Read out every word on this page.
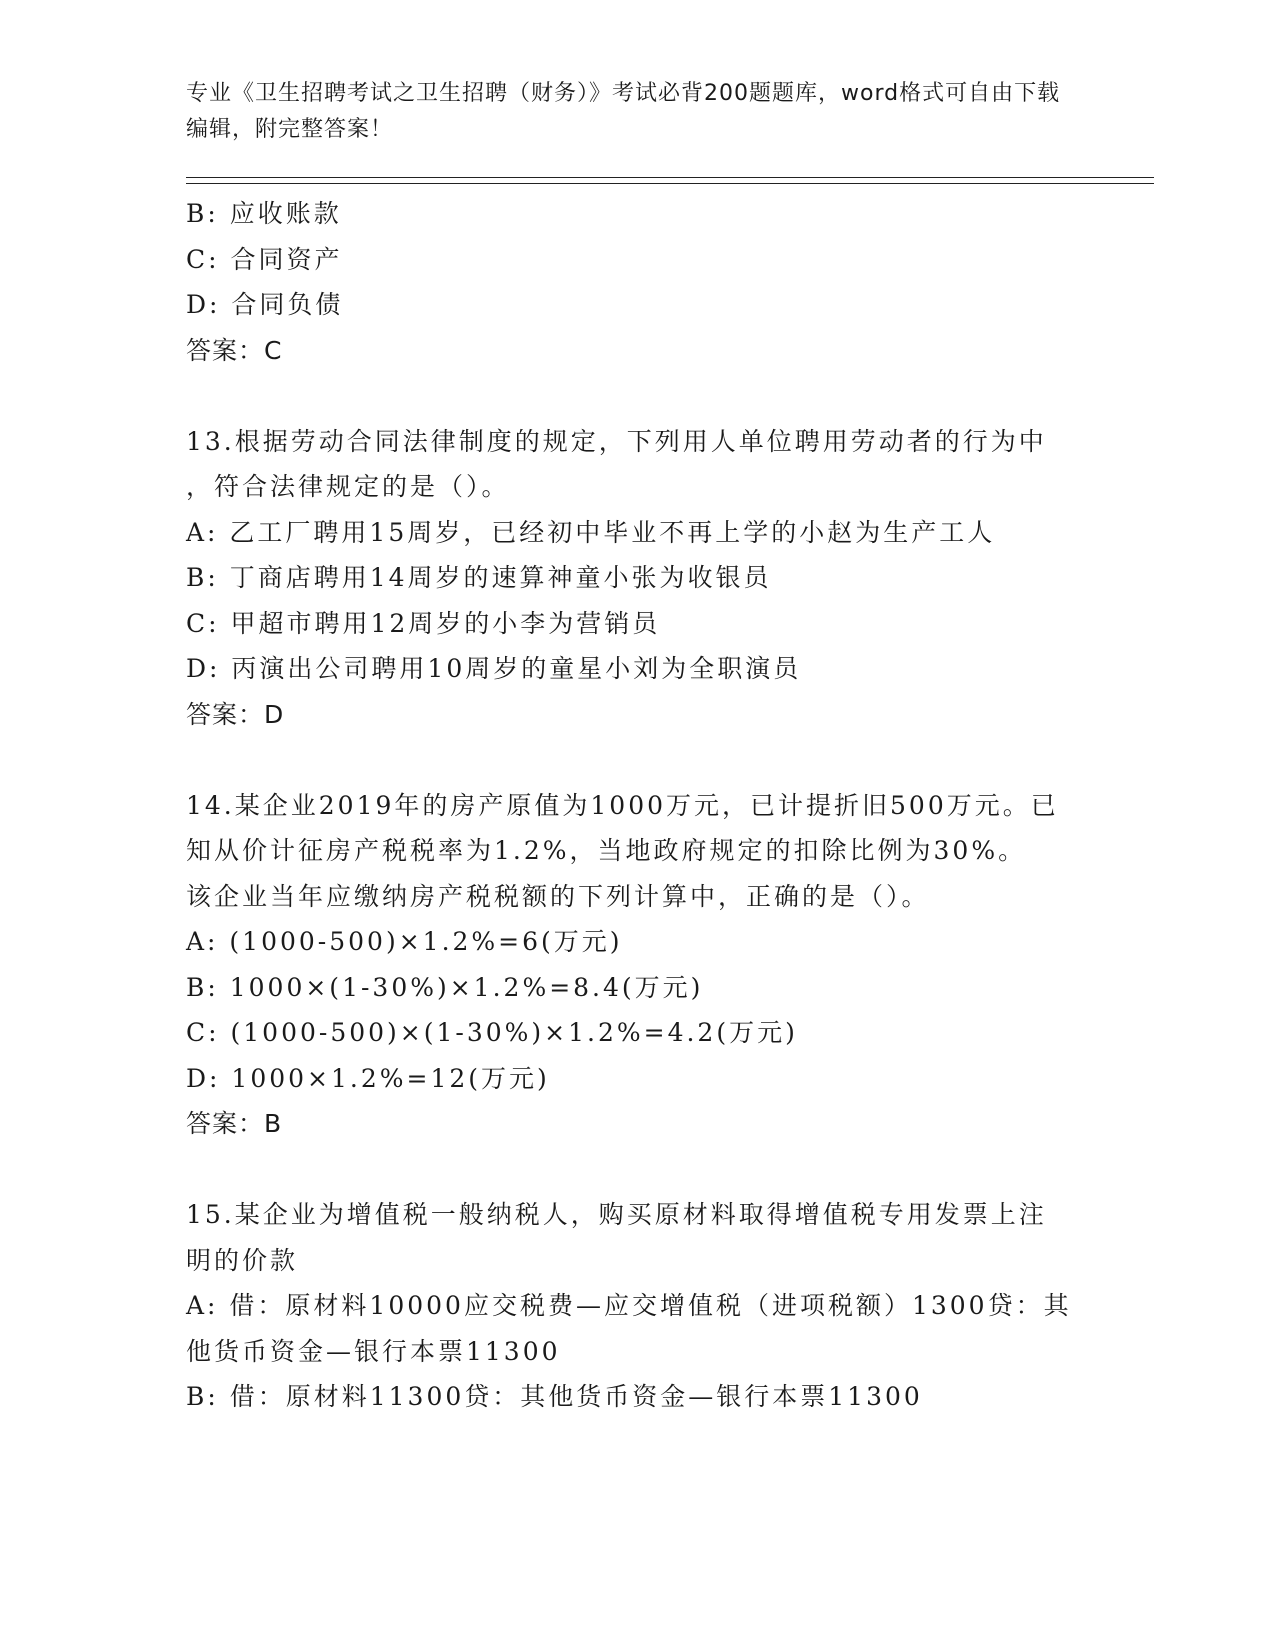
专业《卫生招聘考试之卫生招聘（财务）》考试必背200题题库，word格式可自由下载编辑，附完整答案！
B: 应收账款
C: 合同资产
D: 合同负债
答案：C
13.根据劳动合同法律制度的规定，下列用人单位聘用劳动者的行为中
，符合法律规定的是（）。
A: 乙工厂聘用15周岁，已经初中毕业不再上学的小赵为生产工人
B: 丁商店聘用14周岁的速算神童小张为收银员
C: 甲超市聘用12周岁的小李为营销员
D: 丙演出公司聘用10周岁的童星小刘为全职演员
答案：D
14.某企业2019年的房产原值为1000万元，已计提折旧500万元。已
知从价计征房产税税率为1.2%，当地政府规定的扣除比例为30%。
该企业当年应缴纳房产税税额的下列计算中，正确的是（）。
A: (1000-500)×1.2%=6(万元)
B: 1000×(1-30%)×1.2%=8.4(万元)
C: (1000-500)×(1-30%)×1.2%=4.2(万元)
D: 1000×1.2%=12(万元)
答案：B
15.某企业为增值税一般纳税人，购买原材料取得增值税专用发票上注
明的价款
A: 借：原材料10000应交税费—应交增值税（进项税额）1300贷：其
他货币资金—银行本票11300
B: 借：原材料11300贷：其他货币资金—银行本票11300
